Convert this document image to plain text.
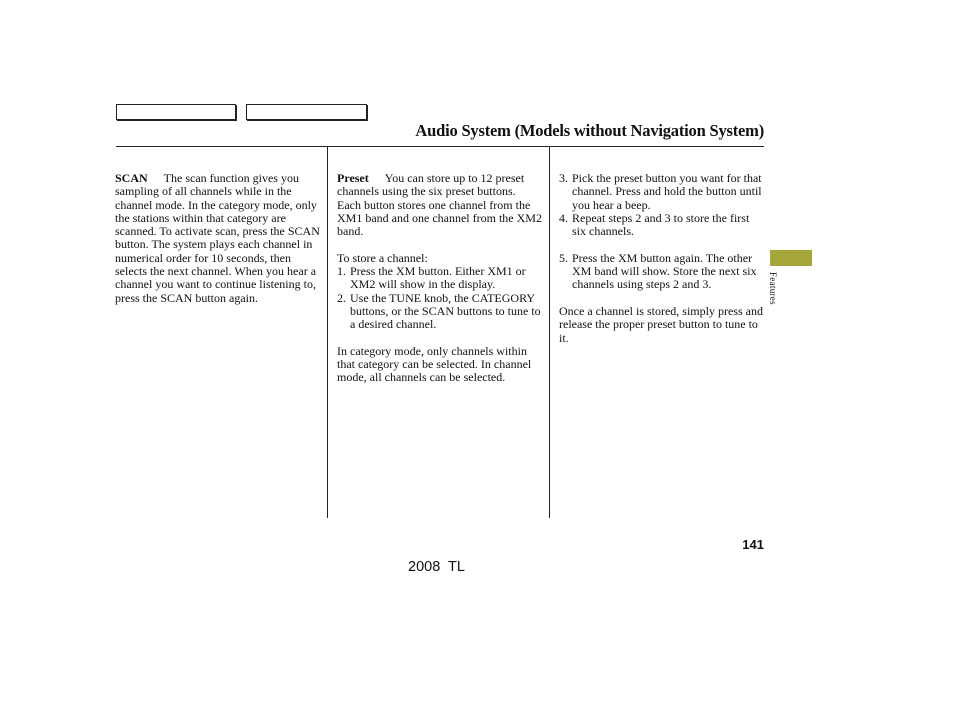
Audio System (Models without Navigation System)

SCAN The scan function gives you sampling of all channels while in the channel mode. In the category mode, only the stations within that category are scanned. To activate scan, press the SCAN button. The system plays each channel in numerical order for 10 seconds, then selects the next channel. When you hear a channel you want to continue listening to, press the SCAN button again.

Preset You can store up to 12 preset channels using the six preset buttons. Each button stores one channel from the XM1 band and one channel from the XM2 band.

To store a channel:

1. Press the XM button. Either XM1 or XM2 will show in the display.
2. Use the TUNE knob, the CATEGORY buttons, or the SCAN buttons to tune to a desired channel.

In category mode, only channels within that category can be selected. In channel mode, all channels can be selected.

3. Pick the preset button you want for that channel. Press and hold the button until you hear a beep.
4. Repeat steps 2 and 3 to store the first six channels.
5. Press the XM button again. The other XM band will show. Store the next six channels using steps 2 and 3.

Once a channel is stored, simply press and release the proper preset button to tune to it.

Features
141
2008  TL
